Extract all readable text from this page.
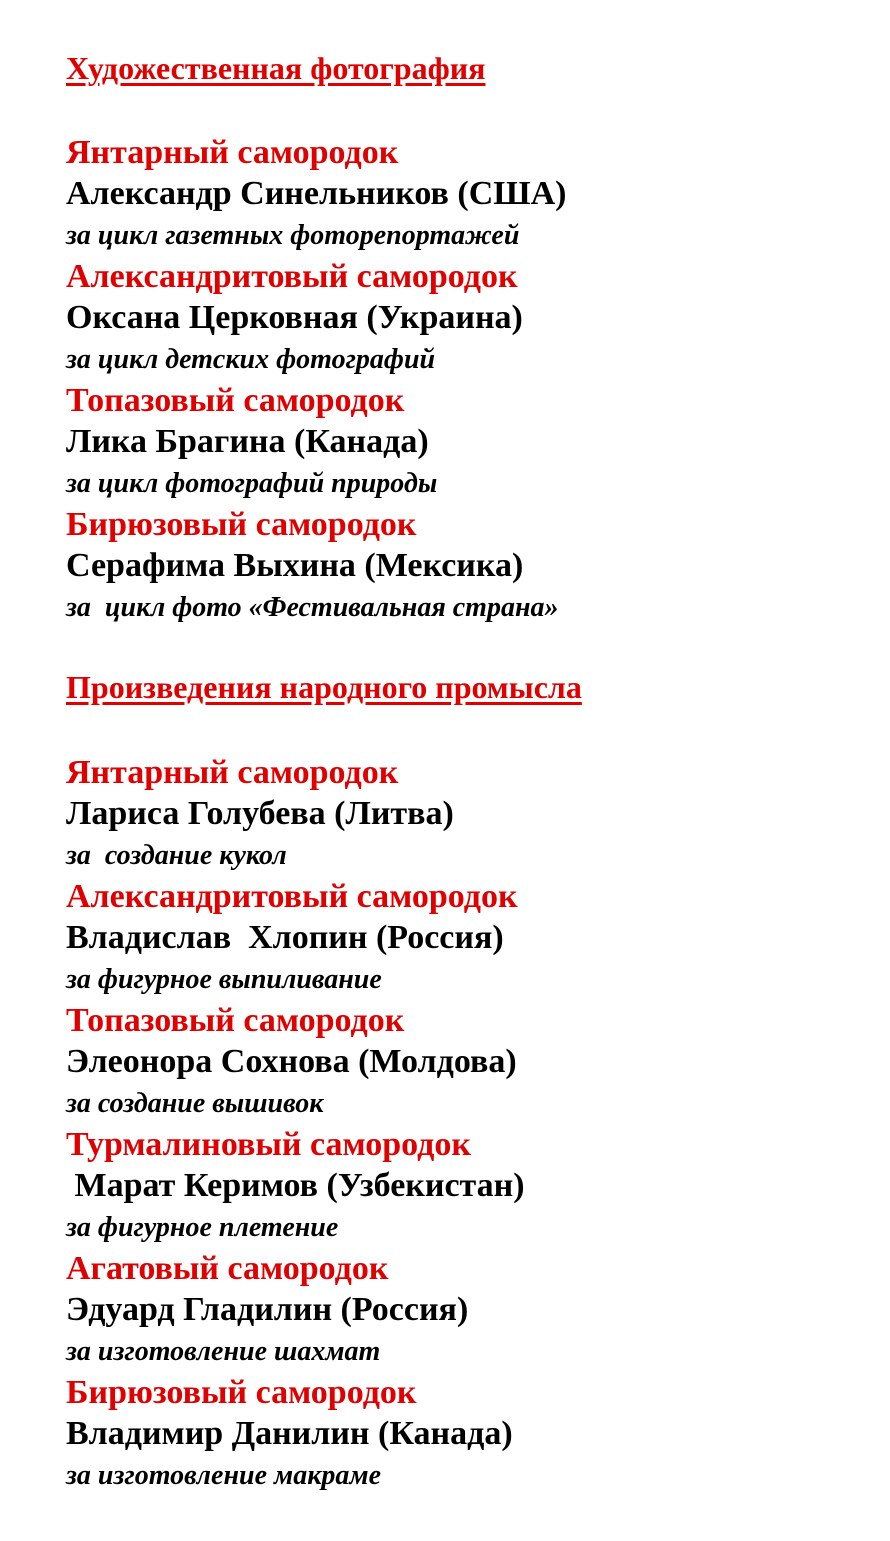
Художественная фотография
Янтарный самородок
Александр Синельников (США)
за цикл газетных фоторепортажей
Александритовый самородок
Оксана Церковная (Украина)
за цикл детских фотографий
Топазовый самородок
Лика Брагина (Канада)
за цикл фотографий природы
Бирюзовый самородок
Серафима Выхина (Мексика)
за  цикл фото «Фестивальная страна»
Произведения народного промысла
Янтарный самородок
Лариса Голубева (Литва)
за  создание кукол
Александритовый самородок
Владислав  Хлопин (Россия)
за фигурное выпиливание
Топазовый самородок
Элеонора Сохнова (Молдова)
за создание вышивок
Турмалиновый самородок
Марат Керимов (Узбекистан)
за фигурное плетение
Агатовый самородок
Эдуард Гладилин (Россия)
за изготовление шахмат
Бирюзовый самородок
Владимир Данилин (Канада)
за изготовление макраме
